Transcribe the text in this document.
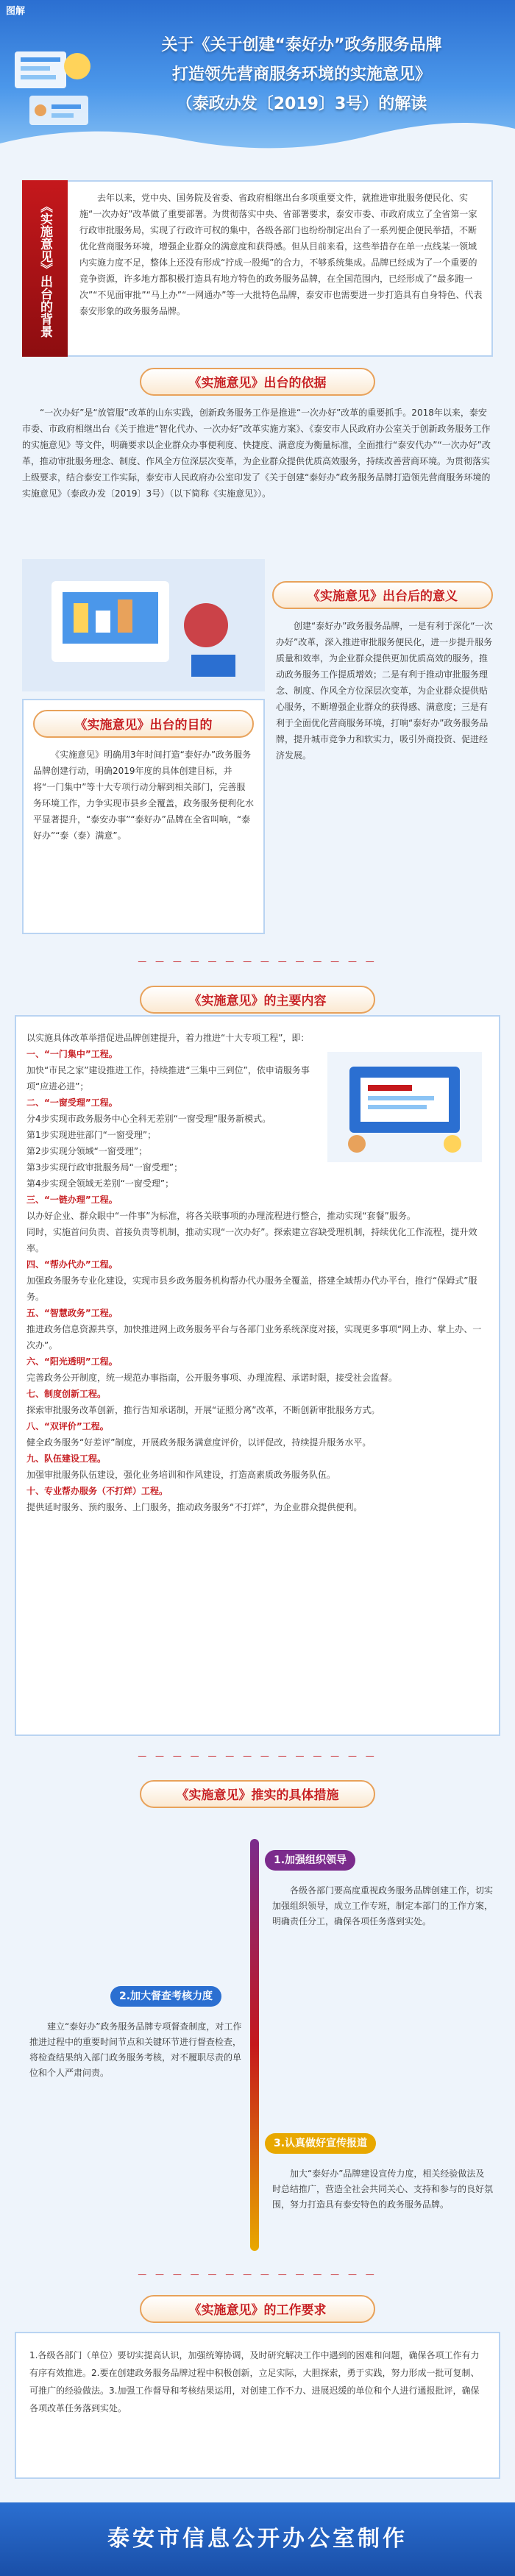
图解
关于《关于创建“泰好办”政务服务品牌
打造领先营商服务环境的实施意见》
（泰政办发〔2019〕3号）的解读
《实施意见》出台的背景
去年以来，党中央、国务院及省委、省政府相继出台多项重要文件，就推进审批服务便民化、实施“一次办好”改革做了重要部署。为贯彻落实中央、省部署要求，泰安市委、市政府成立了全省第一家行政审批服务局，实现了行政许可权的集中，各级各部门也纷纷制定出台了一系列便企便民举措，不断优化营商服务环境，增强企业群众的满意度和获得感。但从目前来看，这些举措存在单一点线某一领域内实施力度不足，整体上还没有形成“拧成一股绳”的合力，不够系统集成。品牌已经成为了一个重要的竞争资源，许多地方都积极打造具有地方特色的政务服务品牌，在全国范围内，已经形成了“最多跑一次”“不见面审批”“马上办”“一网通办”等一大批特色品牌，泰安市也需要进一步打造具有自身特色、代表泰安形象的政务服务品牌。
《实施意见》出台的依据
“一次办好”是“放管服”改革的山东实践，创新政务服务工作是推进“一次办好”改革的重要抓手。2018年以来，泰安市委、市政府相继出台《关于推进“智化代办、一次办好”改革实施方案》、《泰安市人民政府办公室关于创新政务服务工作的实施意见》等文件，明确要求以企业群众办事便利度、快捷度、满意度为衡量标准，全面推行“泰安代办”“一次办好”改革，推动审批服务理念、制度、作风全方位深层次变革，为企业群众提供优质高效服务，持续改善营商环境。为贯彻落实上级要求，结合泰安工作实际，泰安市人民政府办公室印发了《关于创建“泰好办”政务服务品牌打造领先营商服务环境的实施意见》（泰政办发〔2019〕3号）（以下简称《实施意见》）。
《实施意见》出台后的意义
创建“泰好办”政务服务品牌，一是有利于深化“一次办好”改革，深入推进审批服务便民化，进一步提升服务质量和效率，为企业群众提供更加优质高效的服务，推动政务服务工作提质增效；二是有利于推动审批服务理念、制度、作风全方位深层次变革，为企业群众提供贴心服务，不断增强企业群众的获得感、满意度；三是有利于全面优化营商服务环境，打响“泰好办”政务服务品牌，提升城市竞争力和软实力，吸引外商投资、促进经济发展。
《实施意见》出台的目的
《实施意见》明确用3年时间打造“泰好办”政务服务品牌创建行动，明确2019年度的具体创建目标，并将“一门集中”等十大专项行动分解到相关部门，完善服务环境工作，力争实现市县乡全覆盖，政务服务便利化水平显著提升，“泰安办事”“泰好办”品牌在全省叫响，“泰好办”“泰（泰）满意”。
— — — — — — — — — — — — — —
《实施意见》的主要内容
以实施具体改革举措促进品牌创建提升，着力推进“十大专项工程”，即：
一、“一门集中”工程。
加快“市民之家”建设推进工作，持续推进“三集中三到位”，依申请服务事项“应进必进”；
二、“一窗受理”工程。
分4步实现市政务服务中心全科无差别“一窗受理”服务新模式。
第1步实现进驻部门“一窗受理”；
第2步实现分领域“一窗受理”；
第3步实现行政审批服务局“一窗受理”；
第4步实现全领域无差别“一窗受理”；
三、“一链办理”工程。
以办好企业、群众眼中“一件事”为标准，将各关联事项的办理流程进行整合，推动实现“套餐”服务。
同时，实施首问负责、首接负责等机制，推动实现“一次办好”。探索建立容缺受理机制，持续优化工作流程，提升效率。
四、“帮办代办”工程。
加强政务服务专业化建设，实现市县乡政务服务机构帮办代办服务全覆盖，搭建全域帮办代办平台，推行“保姆式”服务。
五、“智慧政务”工程。
推进政务信息资源共享，加快推进网上政务服务平台与各部门业务系统深度对接，实现更多事项“网上办、掌上办、一次办”。
六、“阳光透明”工程。
完善政务公开制度，统一规范办事指南，公开服务事项、办理流程、承诺时限，接受社会监督。
七、制度创新工程。
探索审批服务改革创新，推行告知承诺制，开展“证照分离”改革，不断创新审批服务方式。
八、“双评价”工程。
健全政务服务“好差评”制度，开展政务服务满意度评价，以评促改，持续提升服务水平。
九、队伍建设工程。
加强审批服务队伍建设，强化业务培训和作风建设，打造高素质政务服务队伍。
十、专业帮办服务（不打烊）工程。
提供延时服务、预约服务、上门服务，推动政务服务“不打烊”，为企业群众提供便利。
— — — — — — — — — — — — — —
《实施意见》推实的具体措施
1.加强组织领导
各级各部门要高度重视政务服务品牌创建工作，切实加强组织领导，成立工作专班，制定本部门的工作方案，明确责任分工，确保各项任务落到实处。
2.加大督查考核力度
建立“泰好办”政务服务品牌专项督查制度，对工作推进过程中的重要时间节点和关键环节进行督查检查，将检查结果纳入部门政务服务考核，对不履职尽责的单位和个人严肃问责。
3.认真做好宣传报道
加大“泰好办”品牌建设宣传力度，相关经验做法及时总结推广，营造全社会共同关心、支持和参与的良好氛围，努力打造具有泰安特色的政务服务品牌。
— — — — — — — — — — — — — —
《实施意见》的工作要求
1.各级各部门（单位）要切实提高认识，加强统筹协调，及时研究解决工作中遇到的困难和问题，确保各项工作有力有序有效推进。2.要在创建政务服务品牌过程中积极创新，立足实际，大胆探索，勇于实践，努力形成一批可复制、可推广的经验做法。3.加强工作督导和考核结果运用，对创建工作不力、进展迟缓的单位和个人进行通报批评，确保各项改革任务落到实处。
泰安市信息公开办公室制作
